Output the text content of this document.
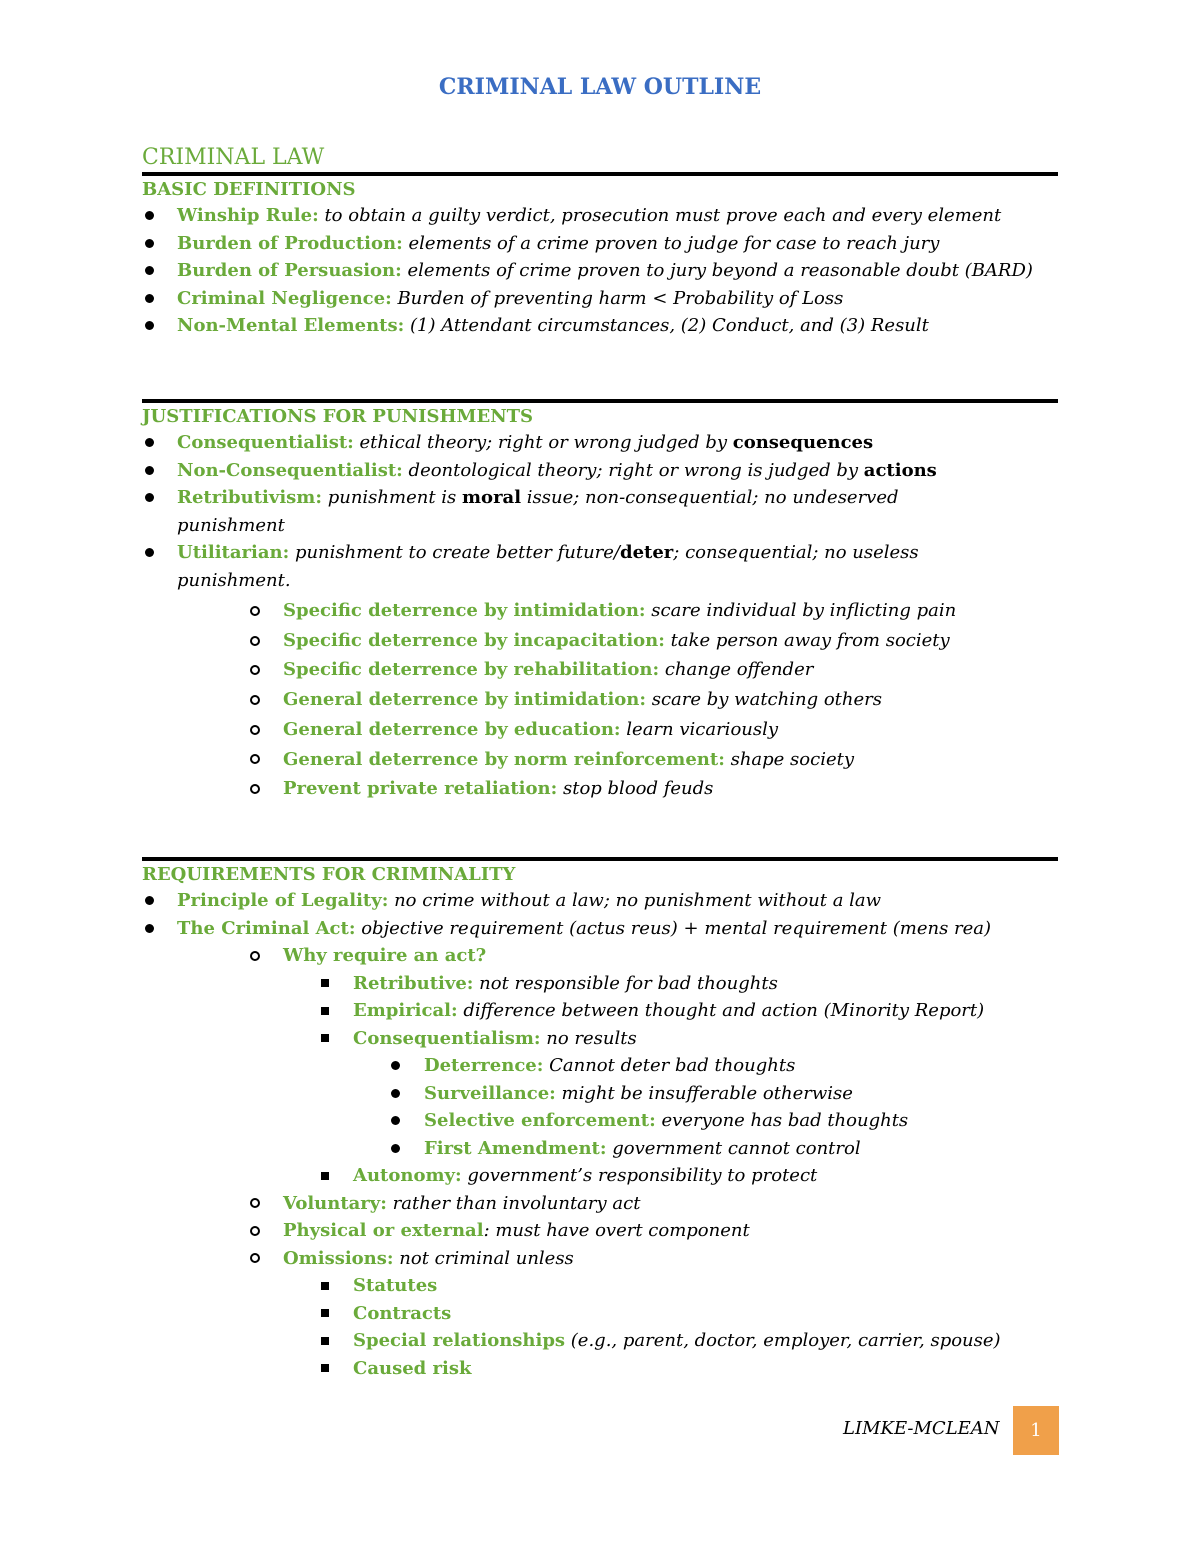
CRIMINAL LAW OUTLINE
CRIMINAL LAW
BASIC DEFINITIONS
Winship Rule: to obtain a guilty verdict, prosecution must prove each and every element
Burden of Production: elements of a crime proven to judge for case to reach jury
Burden of Persuasion: elements of crime proven to jury beyond a reasonable doubt (BARD)
Criminal Negligence: Burden of preventing harm < Probability of Loss
Non-Mental Elements: (1) Attendant circumstances, (2) Conduct, and (3) Result
JUSTIFICATIONS FOR PUNISHMENTS
Consequentialist: ethical theory; right or wrong judged by consequences
Non-Consequentialist: deontological theory; right or wrong is judged by actions
Retributivism: punishment is moral issue; non-consequential; no undeserved punishment
Utilitarian: punishment to create better future/deter; consequential; no useless punishment.
Specific deterrence by intimidation: scare individual by inflicting pain
Specific deterrence by incapacitation: take person away from society
Specific deterrence by rehabilitation: change offender
General deterrence by intimidation: scare by watching others
General deterrence by education: learn vicariously
General deterrence by norm reinforcement: shape society
Prevent private retaliation: stop blood feuds
REQUIREMENTS FOR CRIMINALITY
Principle of Legality: no crime without a law; no punishment without a law
The Criminal Act: objective requirement (actus reus) + mental requirement (mens rea)
Why require an act?
Retributive: not responsible for bad thoughts
Empirical: difference between thought and action (Minority Report)
Consequentialism: no results
Deterrence: Cannot deter bad thoughts
Surveillance: might be insufferable otherwise
Selective enforcement: everyone has bad thoughts
First Amendment: government cannot control
Autonomy: government’s responsibility to protect
Voluntary: rather than involuntary act
Physical or external: must have overt component
Omissions: not criminal unless
Statutes
Contracts
Special relationships (e.g., parent, doctor, employer, carrier, spouse)
Caused risk
LIMKE-MCLEAN	1
